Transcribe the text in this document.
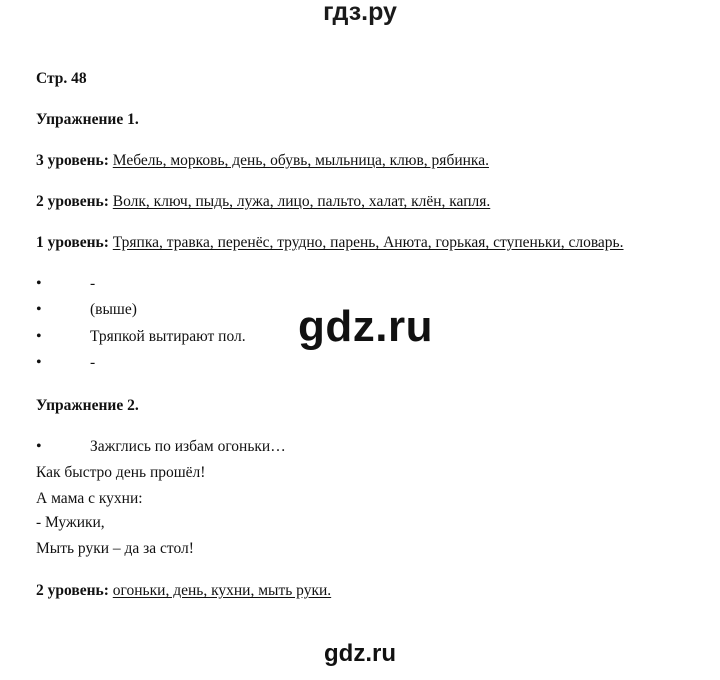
гдз.ру
Стр. 48
Упражнение 1.
3 уровень: Мебель, морковь, день, обувь, мыльница, клюв, рябинка.
2 уровень: Волк, ключ, пыдь, лужа, лицо, пальто, халат, клён, капля.
1 уровень: Тряпка, травка, перенёс, трудно, парень, Анюта, горькая, ступеньки, словарь.
•	-
•	(выше)
•	Тряпкой вытирают пол.
•	-
Упражнение 2.
•	Зажглись по избам огоньки…
Как быстро день прошёл!
А мама с кухни:
- Мужики,
Мыть руки – да за стол!
2 уровень: огоньки, день, кухни, мыть руки.
gdz.ru
gdz.ru
